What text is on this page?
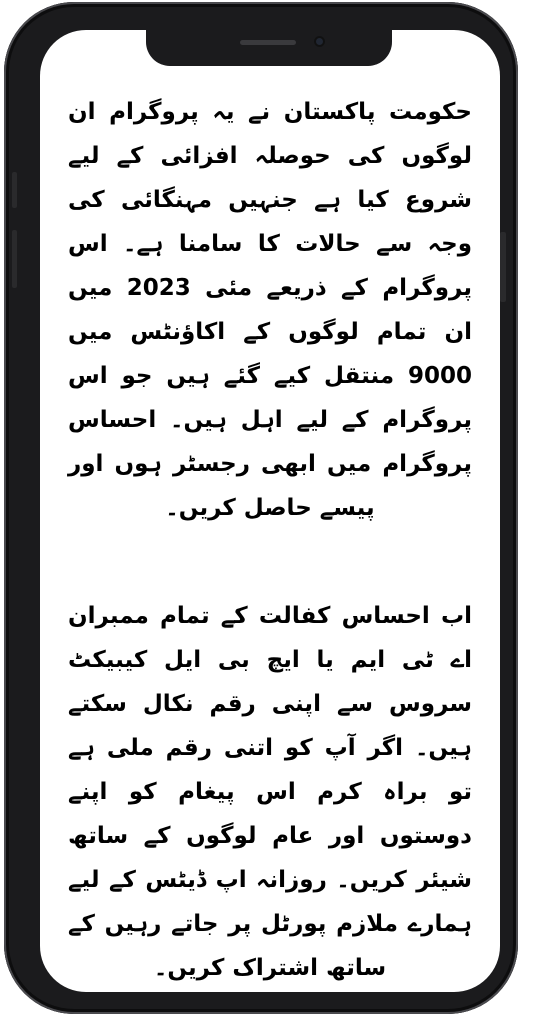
حکومت پاکستان نے یہ پروگرام ان لوگوں کی حوصلہ افزائی کے لیے شروع کیا ہے جنہیں مہنگائی کی وجہ سے حالات کا سامنا ہے۔ اس پروگرام کے ذریعے مئی 2023 میں ان تمام لوگوں کے اکاؤنٹس میں 9000 منتقل کیے گئے ہیں جو اس پروگرام کے لیے اہل ہیں۔ احساس پروگرام میں ابھی رجسٹر ہوں اور پیسے حاصل کریں۔

اب احساس کفالت کے تمام ممبران اے ٹی ایم یا ایچ بی ایل کیبیکٹ سروس سے اپنی رقم نکال سکتے ہیں۔ اگر آپ کو اتنی رقم ملی ہے تو براہ کرم اس پیغام کو اپنے دوستوں اور عام لوگوں کے ساتھ شیئر کریں۔ روزانہ اپ ڈیٹس کے لیے ہمارے ملازم پورٹل پر جاتے رہیں کے ساتھ اشتراک کریں۔
